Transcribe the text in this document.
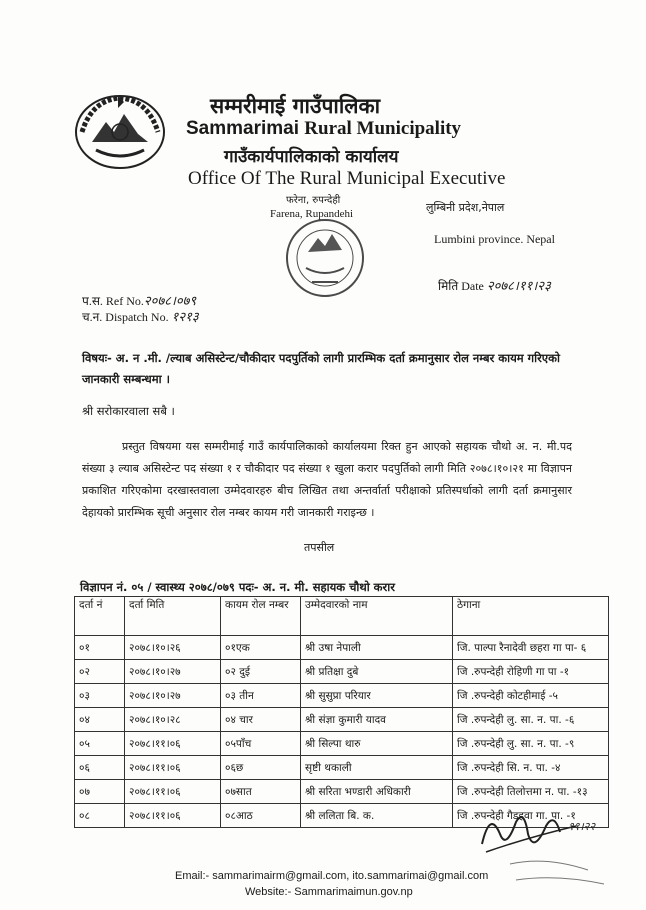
सम्मरीमाई गाउँपालिका
Sammarimai Rural Municipality
गाउँकार्यपालिकाको कार्यालय
Office Of The Rural Municipal Executive
फरेना, रुपन्देही
Farena, Rupandehi	लुम्बिनी प्रदेश,नेपाल
Lumbini province. Nepal
प.स. Ref No.२०७८।०७९
च.न. Dispatch No. १२१३
मिति Date २०७८।११।२३
विषयः- अ. न .मी. /ल्याब असिस्टेन्ट/चौकीदार पदपुर्तिको लागी प्रारम्भिक दर्ता क्रमानुसार रोल नम्बर कायम गरिएको जानकारी सम्बन्धमा ।
श्री सरोकारवाला सबै ।
प्रस्तुत विषयमा यस सम्मरीमाई गाउँ कार्यपालिकाको कार्यालयमा रिक्त हुन आएको सहायक चौथो अ. न. मी.पद संख्या ३ ल्याब असिस्टेन्ट पद संख्या १ र चौकीदार पद संख्या १ खुला करार पदपुर्तिको लागी मिति २०७८।१०।२१ मा विज्ञापन प्रकाशित गरिएकोमा दरखास्तवाला उम्मेदवारहरु बीच लिखित तथा अन्तर्वार्ता परीक्षाको प्रतिस्पर्धाको लागी दर्ता क्रमानुसार देहायको प्रारम्भिक सूची अनुसार रोल नम्बर कायम गरी जानकारी गराइन्छ ।
तपसील
विज्ञापन नं. ०५ / स्वास्थ्य २०७८/०७९ पदः- अ. न. मी. सहायक चौथो करार
दर्ता नं	दर्ता मिति	कायम रोल नम्बर	उम्मेदवारको नाम	ठेगाना
०१	२०७८।१०।२६	०१एक	श्री उषा नेपाली	जि. पाल्पा रैनादेवी छहरा गा पा- ६
०२	२०७८।१०।२७	०२ दुई	श्री प्रतिक्षा दुबे	जि .रुपन्देही रोहिणी गा पा -१
०३	२०७८।१०।२७	०३ तीन	श्री सुसुप्रा परियार	जि .रुपन्देही कोटहीमाई -५
०४	२०७८।१०।२८	०४ चार	श्री संज्ञा कुमारी यादव	जि .रुपन्देही लु. सा. न. पा. -६
०५	२०७८।११।०६	०५पाँच	श्री सिल्पा थारु	जि .रुपन्देही लु. सा. न. पा. -९
०६	२०७८।११।०६	०६छ	सृष्टी थकाली	जि .रुपन्देही सि. न. पा. -४
०७	२०७८।११।०६	०७सात	श्री सरिता भण्डारी अधिकारी	जि .रुपन्देही तिलोत्तमा न. पा. -१३
०८	२०७८।११।०६	०८आठ	श्री ललिता बि. क.	जि .रुपन्देही गैडहवा गा. पा. -१
११।२२
Email:- sammarimairm@gmail.com, ito.sammarimai@gmail.com
Website:- Sammarimaimun.gov.np
